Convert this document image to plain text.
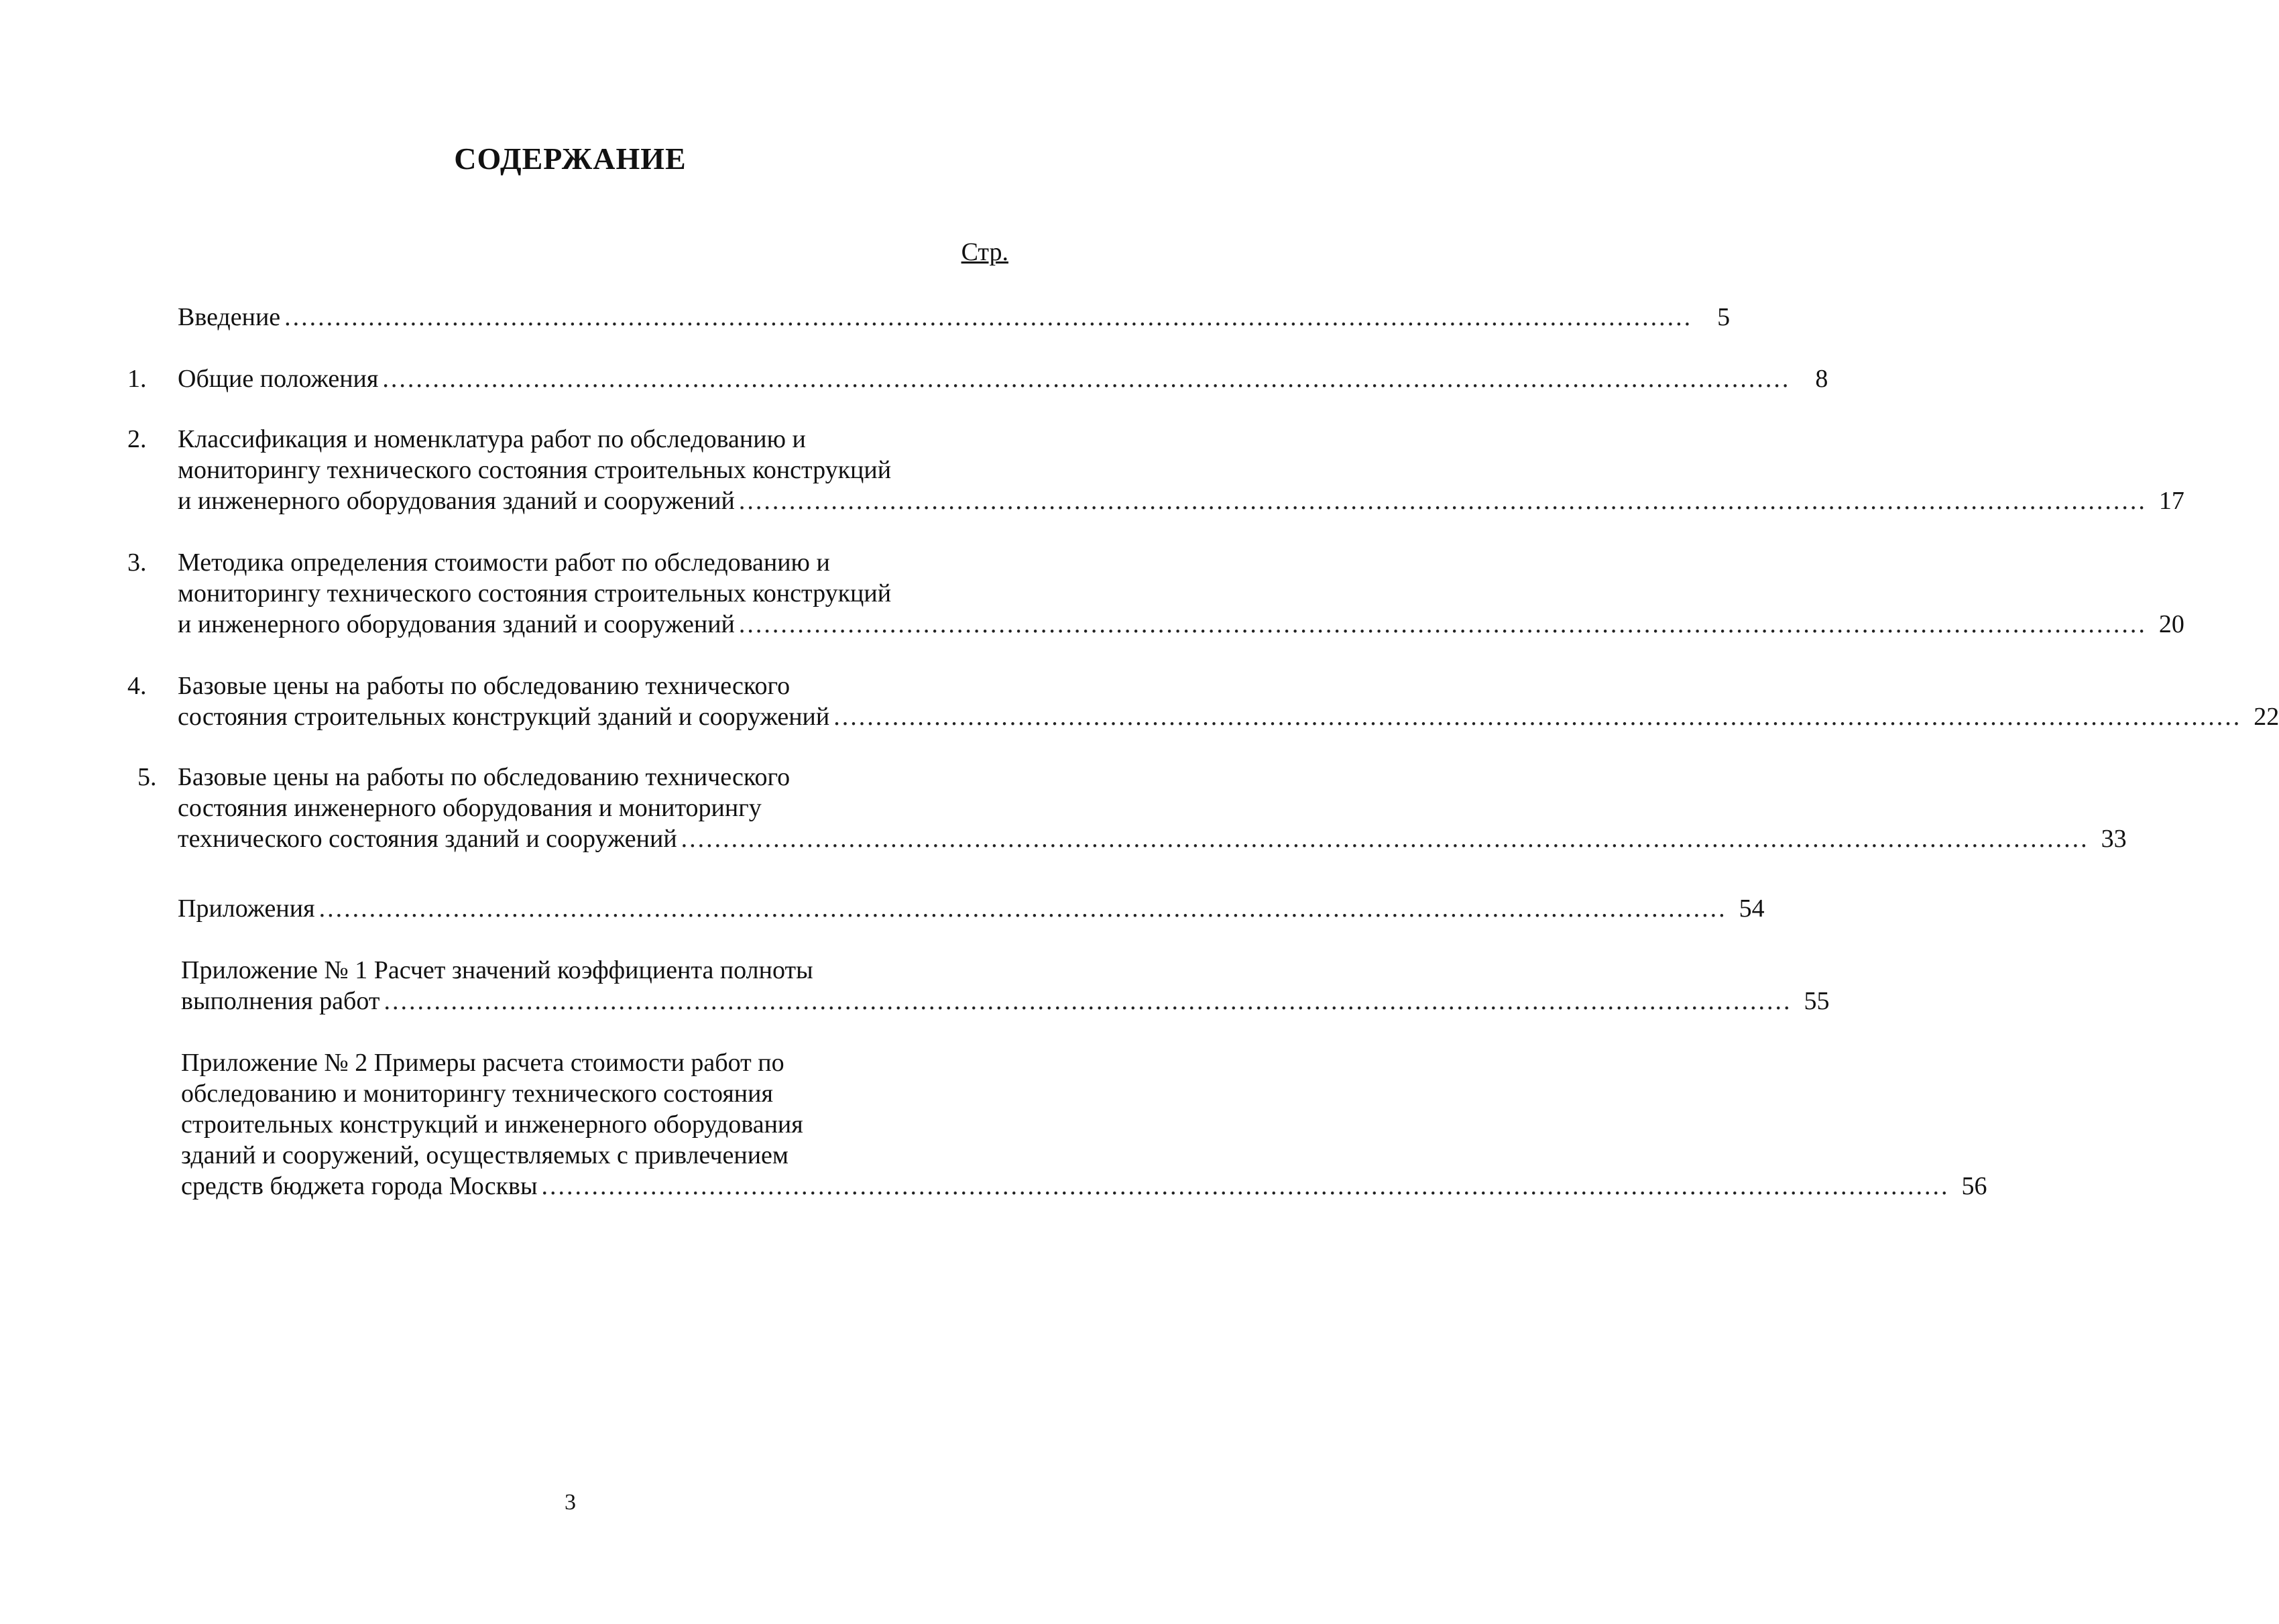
СОДЕРЖАНИЕ
Стр.
Введение ........................................................................................................................................................................ 5
1. Общие положения ........................................................................................................................................................................ 8
2. Классификация и номенклатура работ по обследованию и
мониторингу технического состояния строительных конструкций
и инженерного оборудования зданий и сооружений ........................................................................................................................................................................ 17
3. Методика определения стоимости работ по обследованию и
мониторингу технического состояния строительных конструкций
и инженерного оборудования зданий и сооружений ........................................................................................................................................................................ 20
4. Базовые цены на работы по обследованию технического
состояния строительных конструкций зданий и сооружений ........................................................................................................................................................................ 22
5. Базовые цены на работы по обследованию технического
состояния инженерного оборудования и мониторингу
технического состояния зданий и сооружений ........................................................................................................................................................................ 33
Приложения ........................................................................................................................................................................ 54
Приложение № 1 Расчет значений коэффициента полноты
выполнения работ ........................................................................................................................................................................ 55
Приложение № 2 Примеры расчета стоимости работ по
обследованию и мониторингу технического состояния
строительных конструкций и инженерного оборудования
зданий и сооружений, осуществляемых с привлечением
средств бюджета города Москвы ........................................................................................................................................................................ 56
3
